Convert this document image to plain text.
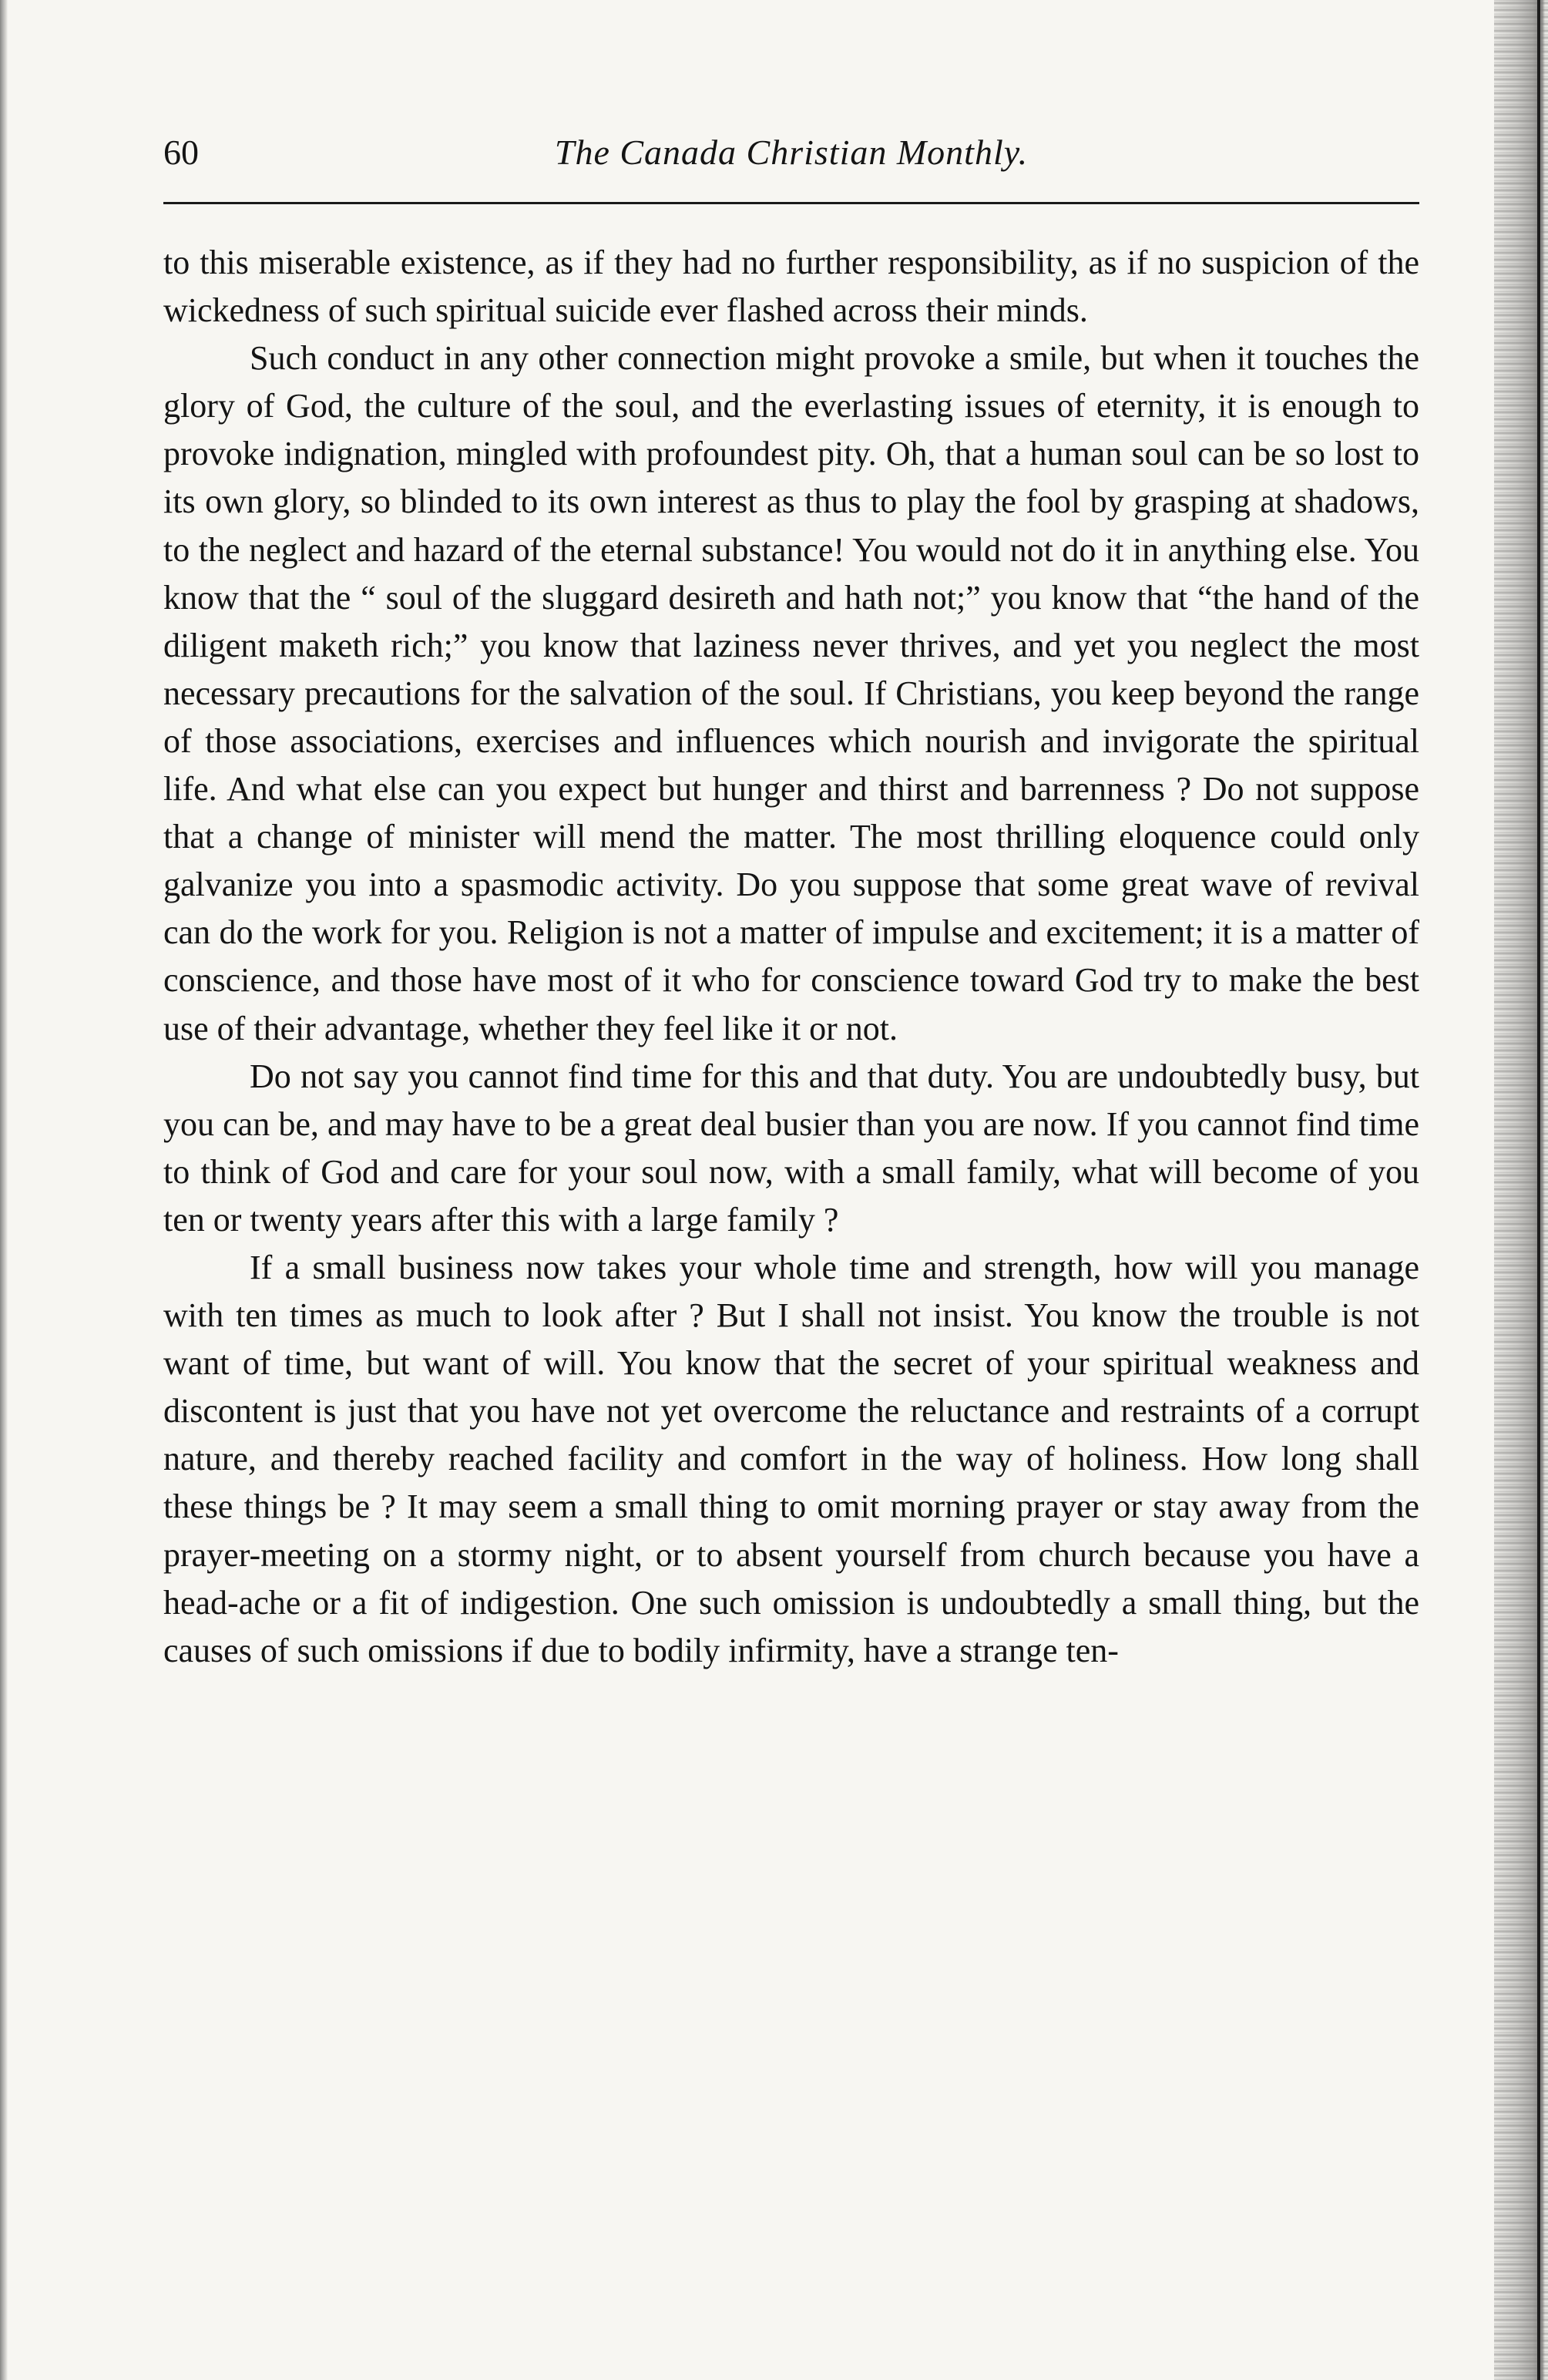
60	The Canada Christian Monthly.

to this miserable existence, as if they had no further responsibility, as if no suspicion of the wickedness of such spiritual suicide ever flashed across their minds.

Such conduct in any other connection might provoke a smile, but when it touches the glory of God, the culture of the soul, and the everlasting issues of eternity, it is enough to provoke indignation, mingled with profoundest pity. Oh, that a human soul can be so lost to its own glory, so blinded to its own interest as thus to play the fool by grasping at shadows, to the neglect and hazard of the eternal substance! You would not do it in anything else. You know that the “ soul of the sluggard desireth and hath not;” you know that “the hand of the diligent maketh rich;” you know that laziness never thrives, and yet you neglect the most necessary precautions for the salvation of the soul. If Christians, you keep beyond the range of those associations, exercises and influences which nourish and invigorate the spiritual life. And what else can you expect but hunger and thirst and barrenness ? Do not suppose that a change of minister will mend the matter. The most thrilling eloquence could only galvanize you into a spasmodic activity. Do you suppose that some great wave of revival can do the work for you. Religion is not a matter of impulse and excitement; it is a matter of conscience, and those have most of it who for conscience toward God try to make the best use of their advantage, whether they feel like it or not.

Do not say you cannot find time for this and that duty. You are undoubtedly busy, but you can be, and may have to be a great deal busier than you are now. If you cannot find time to think of God and care for your soul now, with a small family, what will become of you ten or twenty years after this with a large family ?

If a small business now takes your whole time and strength, how will you manage with ten times as much to look after ? But I shall not insist. You know the trouble is not want of time, but want of will. You know that the secret of your spiritual weakness and discontent is just that you have not yet overcome the reluctance and restraints of a corrupt nature, and thereby reached facility and comfort in the way of holiness. How long shall these things be ? It may seem a small thing to omit morning prayer or stay away from the prayer-meeting on a stormy night, or to absent yourself from church because you have a head-ache or a fit of indigestion. One such omission is undoubtedly a small thing, but the causes of such omissions if due to bodily infirmity, have a strange ten-
